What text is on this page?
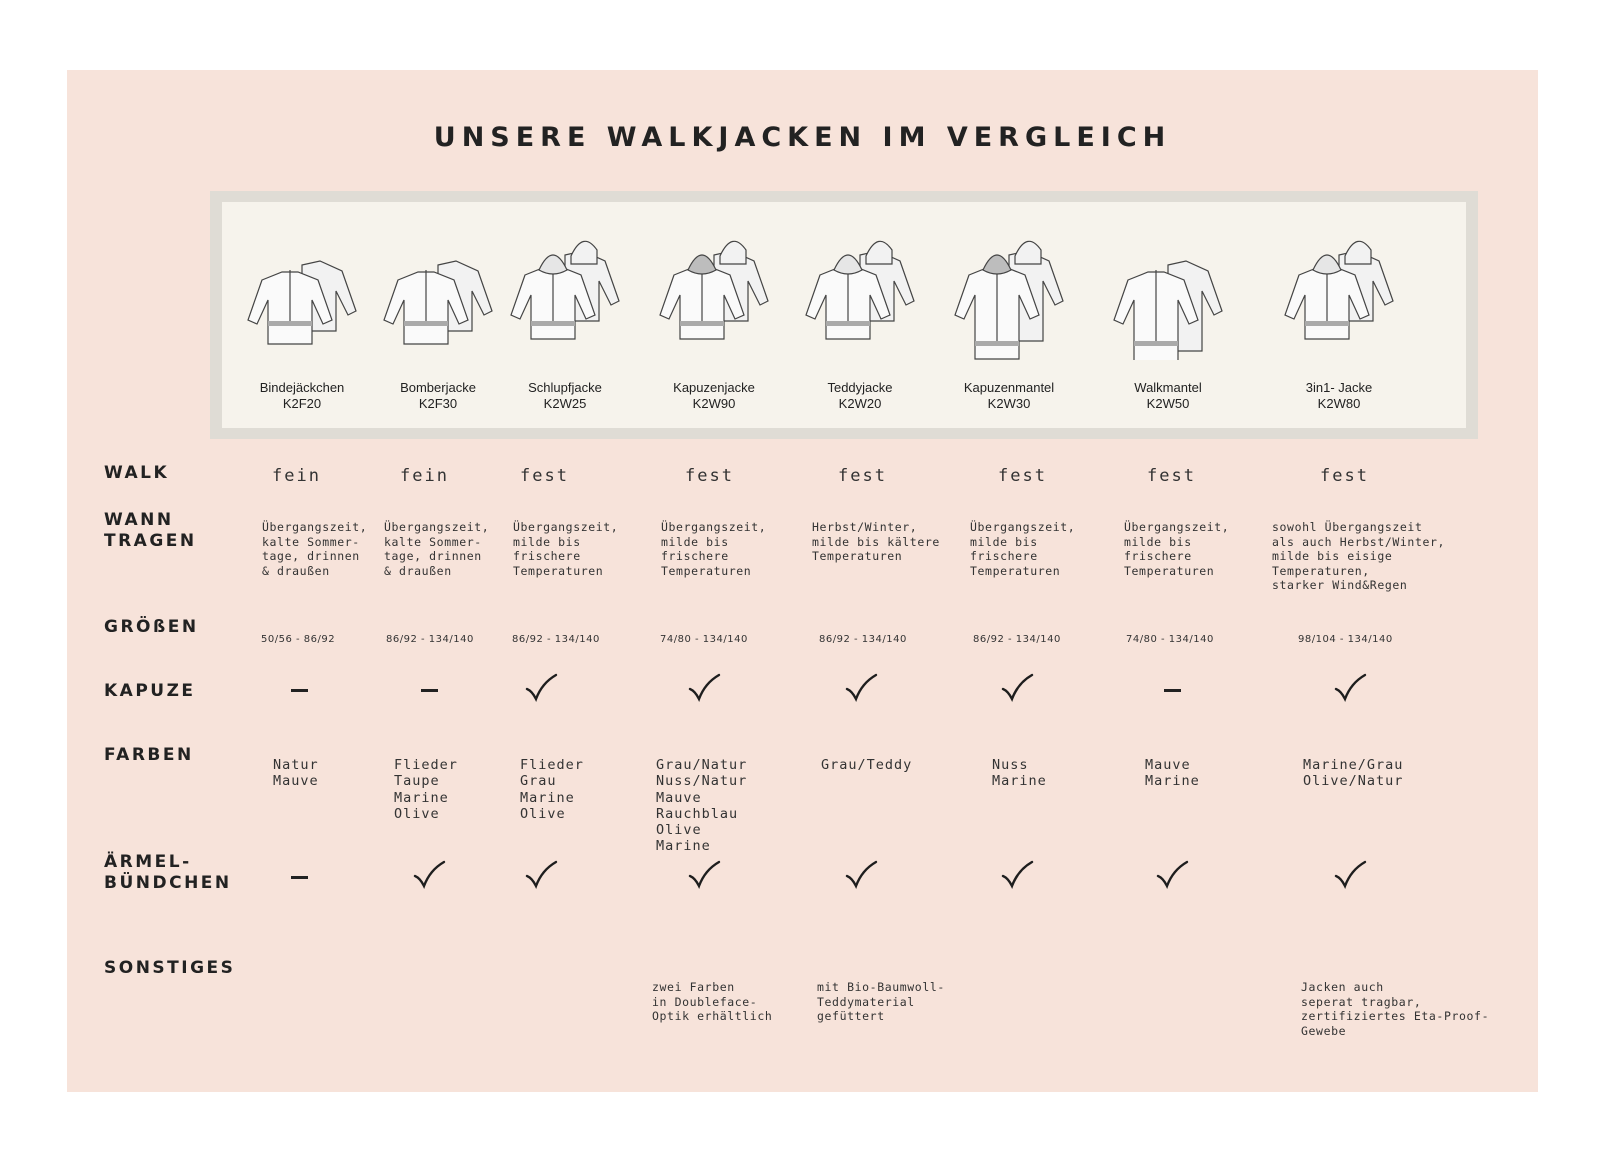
UNSERE WALKJACKEN IM VERGLEICH
Bindejäckchen
K2F20
Bomberjacke
K2F30
Schlupfjacke
K2W25
Kapuzenjacke
K2W90
Teddyjacke
K2W20
Kapuzenmantel
K2W30
Walkmantel
K2W50
3in1- Jacke
K2W80
WALK
WANN
TRAGEN
GRÖßEN
KAPUZE
FARBEN
ÄRMEL-
BÜNDCHEN
SONSTIGES
fein
Übergangszeit,
kalte Sommer-
tage, drinnen
& draußen
50/56 - 86/92
Natur
Mauve
fein
Übergangszeit,
kalte Sommer-
tage, drinnen
& draußen
86/92 - 134/140
Flieder
Taupe
Marine
Olive
fest
Übergangszeit,
milde bis
frischere
Temperaturen
86/92 - 134/140
Flieder
Grau
Marine
Olive
fest
Übergangszeit,
milde bis
frischere
Temperaturen
74/80 - 134/140
Grau/Natur
Nuss/Natur
Mauve
Rauchblau
Olive
Marine
zwei Farben
in Doubleface-
Optik erhältlich
fest
Herbst/Winter,
milde bis kältere
Temperaturen
86/92 - 134/140
Grau/Teddy
mit Bio-Baumwoll-
Teddymaterial
gefüttert
fest
Übergangszeit,
milde bis
frischere
Temperaturen
86/92 - 134/140
Nuss
Marine
fest
Übergangszeit,
milde bis
frischere
Temperaturen
74/80 - 134/140
Mauve
Marine
fest
sowohl Übergangszeit
als auch Herbst/Winter,
milde bis eisige
Temperaturen,
starker Wind&Regen
98/104 - 134/140
Marine/Grau
Olive/Natur
Jacken auch
seperat tragbar,
zertifiziertes Eta-Proof-
Gewebe
